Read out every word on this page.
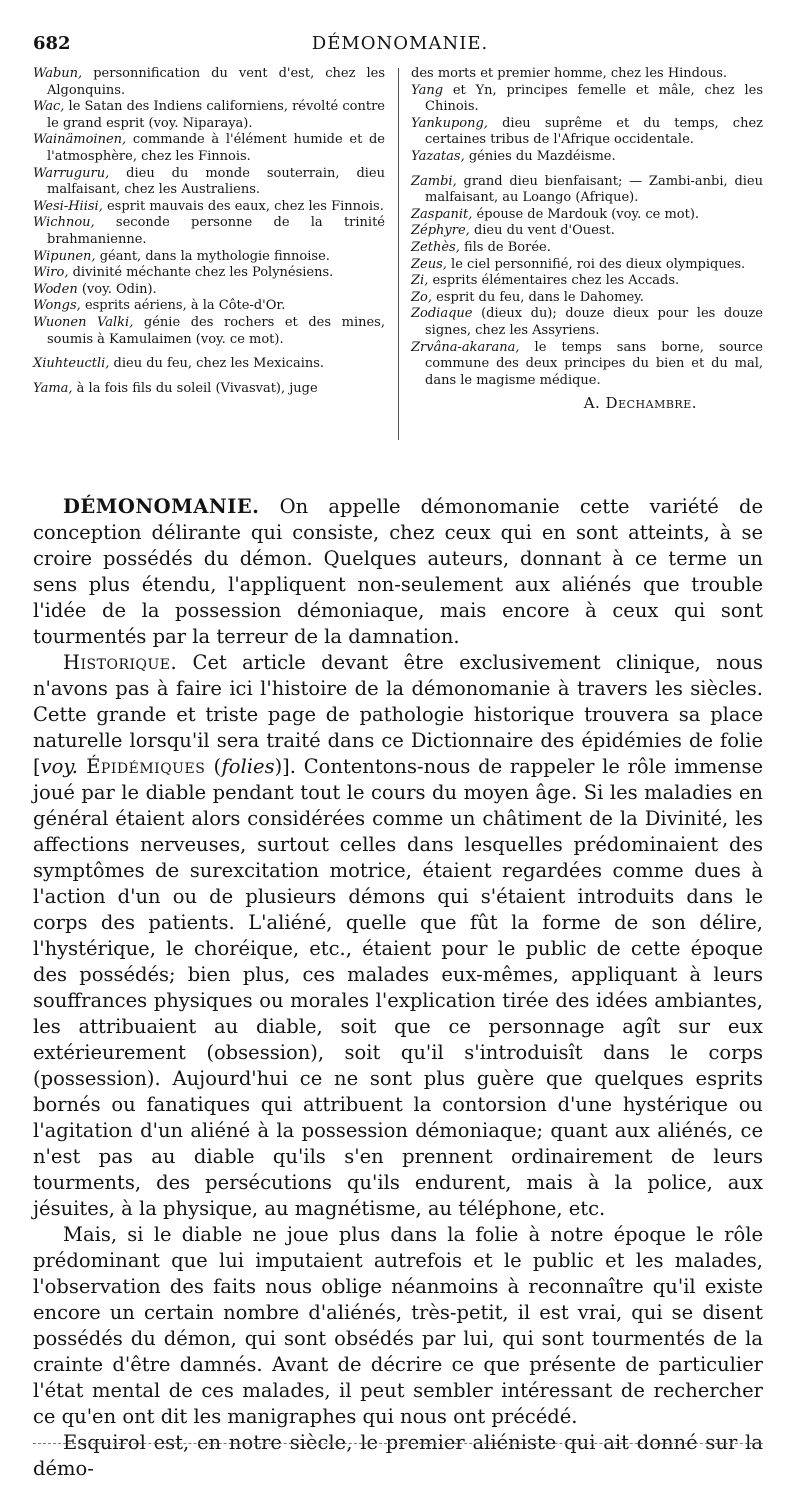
682	DÉMONOMANIE.

Wabun, personnification du vent d'est, chez les Algonquins.

Wac, le Satan des Indiens californiens, révolté contre le grand esprit (voy. Niparaya).

Wainämoinen, commande à l'élément humide et de l'atmosphère, chez les Finnois.

Warruguru, dieu du monde souterrain, dieu malfaisant, chez les Australiens.

Wesi-Hiisi, esprit mauvais des eaux, chez les Finnois.

Wichnou, seconde personne de la trinité brahmanienne.

Wipunen, géant, dans la mythologie finnoise.

Wiro, divinité méchante chez les Polynésiens.

Woden (voy. Odin).

Wongs, esprits aériens, à la Côte-d'Or.

Wuonen Valki, génie des rochers et des mines, soumis à Kamulaimen (voy. ce mot).

Xiuhteuctli, dieu du feu, chez les Mexicains.

Yama, à la fois fils du soleil (Vivasvat), juge

des morts et premier homme, chez les Hindous.

Yang et Yn, principes femelle et mâle, chez les Chinois.

Yankupong, dieu suprême et du temps, chez certaines tribus de l'Afrique occidentale.

Yazatas, génies du Mazdéisme.

Zambi, grand dieu bienfaisant; — Zambi-anbi, dieu malfaisant, au Loango (Afrique).

Zaspanit, épouse de Mardouk (voy. ce mot).

Zéphyre, dieu du vent d'Ouest.

Zethès, fils de Borée.

Zeus, le ciel personnifié, roi des dieux olympiques.

Zi, esprits élémentaires chez les Accads.

Zo, esprit du feu, dans le Dahomey.

Zodiaque (dieux du); douze dieux pour les douze signes, chez les Assyriens.

Zrvâna-akarana, le temps sans borne, source commune des deux principes du bien et du mal, dans le magisme médique.

A. Dechambre.

DÉMONOMANIE. On appelle démonomanie cette variété de conception délirante qui consiste, chez ceux qui en sont atteints, à se croire possédés du démon. Quelques auteurs, donnant à ce terme un sens plus étendu, l'appliquent non-seulement aux aliénés que trouble l'idée de la possession démoniaque, mais encore à ceux qui sont tourmentés par la terreur de la damnation.

Historique. Cet article devant être exclusivement clinique, nous n'avons pas à faire ici l'histoire de la démonomanie à travers les siècles. Cette grande et triste page de pathologie historique trouvera sa place naturelle lorsqu'il sera traité dans ce Dictionnaire des épidémies de folie [voy. Épidémiques (folies)]. Contentons-nous de rappeler le rôle immense joué par le diable pendant tout le cours du moyen âge. Si les maladies en général étaient alors considérées comme un châtiment de la Divinité, les affections nerveuses, surtout celles dans lesquelles prédominaient des symptômes de surexcitation motrice, étaient regardées comme dues à l'action d'un ou de plusieurs démons qui s'étaient introduits dans le corps des patients. L'aliéné, quelle que fût la forme de son délire, l'hystérique, le choréique, etc., étaient pour le public de cette époque des possédés; bien plus, ces malades eux-mêmes, appliquant à leurs souffrances physiques ou morales l'explication tirée des idées ambiantes, les attribuaient au diable, soit que ce personnage agît sur eux extérieurement (obsession), soit qu'il s'introduisît dans le corps (possession). Aujourd'hui ce ne sont plus guère que quelques esprits bornés ou fanatiques qui attribuent la contorsion d'une hystérique ou l'agitation d'un aliéné à la possession démoniaque; quant aux aliénés, ce n'est pas au diable qu'ils s'en prennent ordinairement de leurs tourments, des persécutions qu'ils endurent, mais à la police, aux jésuites, à la physique, au magnétisme, au téléphone, etc.

Mais, si le diable ne joue plus dans la folie à notre époque le rôle prédominant que lui imputaient autrefois et le public et les malades, l'observation des faits nous oblige néanmoins à reconnaître qu'il existe encore un certain nombre d'aliénés, très-petit, il est vrai, qui se disent possédés du démon, qui sont obsédés par lui, qui sont tourmentés de la crainte d'être damnés. Avant de décrire ce que présente de particulier l'état mental de ces malades, il peut sembler intéressant de rechercher ce qu'en ont dit les manigraphes qui nous ont précédé.

Esquirol est, en notre siècle, le premier aliéniste qui ait donné sur la démo-
